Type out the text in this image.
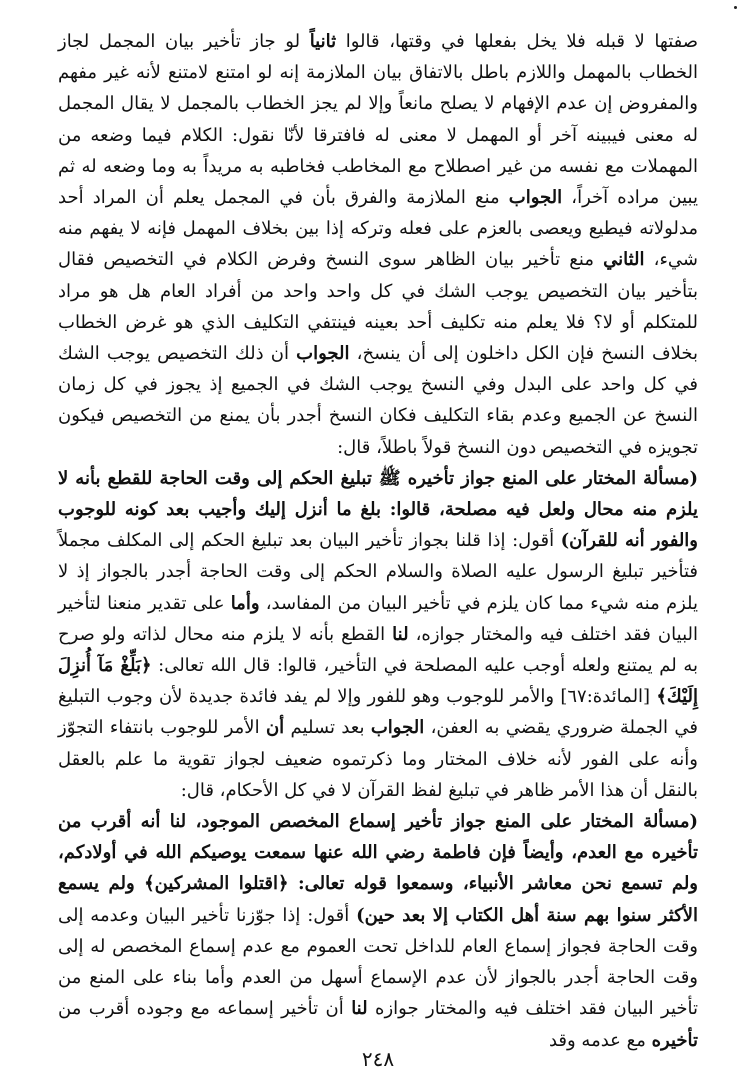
صفتها لا قبله فلا يخل بفعلها في وقتها، قالوا ثانياً لو جاز تأخير بيان المجمل لجاز الخطاب بالمهمل واللازم باطل بالاتفاق بيان الملازمة إنه لو امتنع لامتنع لأنه غير مفهم والمفروض إن عدم الإفهام لا يصلح مانعاً وإلا لم يجز الخطاب بالمجمل لا يقال المجمل له معنى فيبينه آخر أو المهمل لا معنى له فافترقا لأنّا نقول: الكلام فيما وضعه من المهملات مع نفسه من غير اصطلاح مع المخاطب فخاطبه به مريداً به وما وضعه له ثم يبين مراده آخراً، الجواب منع الملازمة والفرق بأن في المجمل يعلم أن المراد أحد مدلولاته فيطيع ويعصى بالعزم على فعله وتركه إذا بين بخلاف المهمل فإنه لا يفهم منه شيء، الثاني منع تأخير بيان الظاهر سوى النسخ وفرض الكلام في التخصيص فقال بتأخير بيان التخصيص يوجب الشك في كل واحد واحد من أفراد العام هل هو مراد للمتكلم أو لا؟ فلا يعلم منه تكليف أحد بعينه فينتفي التكليف الذي هو غرض الخطاب بخلاف النسخ فإن الكل داخلون إلى أن ينسخ، الجواب أن ذلك التخصيص يوجب الشك في كل واحد على البدل وفي النسخ يوجب الشك في الجميع إذ يجوز في كل زمان النسخ عن الجميع وعدم بقاء التكليف فكان النسخ أجدر بأن يمنع من التخصيص فيكون تجويزه في التخصيص دون النسخ قولاً باطلاً، قال:

(مسألة المختار على المنع جواز تأخيره ﷺ تبليغ الحكم إلى وقت الحاجة للقطع بأنه لا يلزم منه محال ولعل فيه مصلحة، قالوا: بلغ ما أنزل إليك وأجيب بعد كونه للوجوب والفور أنه للقرآن) أقول: إذا قلنا بجواز تأخير البيان بعد تبليغ الحكم إلى المكلف مجملاً فتأخير تبليغ الرسول عليه الصلاة والسلام الحكم إلى وقت الحاجة أجدر بالجواز إذ لا يلزم منه شيء مما كان يلزم في تأخير البيان من المفاسد، وأما على تقدير منعنا لتأخير البيان فقد اختلف فيه والمختار جوازه، لنا القطع بأنه لا يلزم منه محال لذاته ولو صرح به لم يمتنع ولعله أوجب عليه المصلحة في التأخير، قالوا: قال الله تعالى: ﴿بَلِّغْ مَآ أُنزِلَ إِلَيْكَ﴾ [المائدة:٦٧] والأمر للوجوب وهو للفور وإلا لم يفد فائدة جديدة لأن وجوب التبليغ في الجملة ضروري يقضي به العفن، الجواب بعد تسليم أن الأمر للوجوب بانتفاء التجوّز وأنه على الفور لأنه خلاف المختار وما ذكرتموه ضعيف لجواز تقوية ما علم بالعقل بالنقل أن هذا الأمر ظاهر في تبليغ لفظ القرآن لا في كل الأحكام، قال:

(مسألة المختار على المنع جواز تأخير إسماع المخصص الموجود، لنا أنه أقرب من تأخيره مع العدم، وأيضاً فإن فاطمة رضي الله عنها سمعت يوصيكم الله في أولادكم، ولم تسمع نحن معاشر الأنبياء، وسمعوا قوله تعالى: ﴿اقتلوا المشركين﴾ ولم يسمع الأكثر سنوا بهم سنة أهل الكتاب إلا بعد حين) أقول: إذا جوّزنا تأخير البيان وعدمه إلى وقت الحاجة فجواز إسماع العام للداخل تحت العموم مع عدم إسماع المخصص له إلى وقت الحاجة أجدر بالجواز لأن عدم الإسماع أسهل من العدم وأما بناء على المنع من تأخير البيان فقد اختلف فيه والمختار جوازه لنا أن تأخير إسماعه مع وجوده أقرب من تأخيره مع عدمه وقد

٢٤٨
